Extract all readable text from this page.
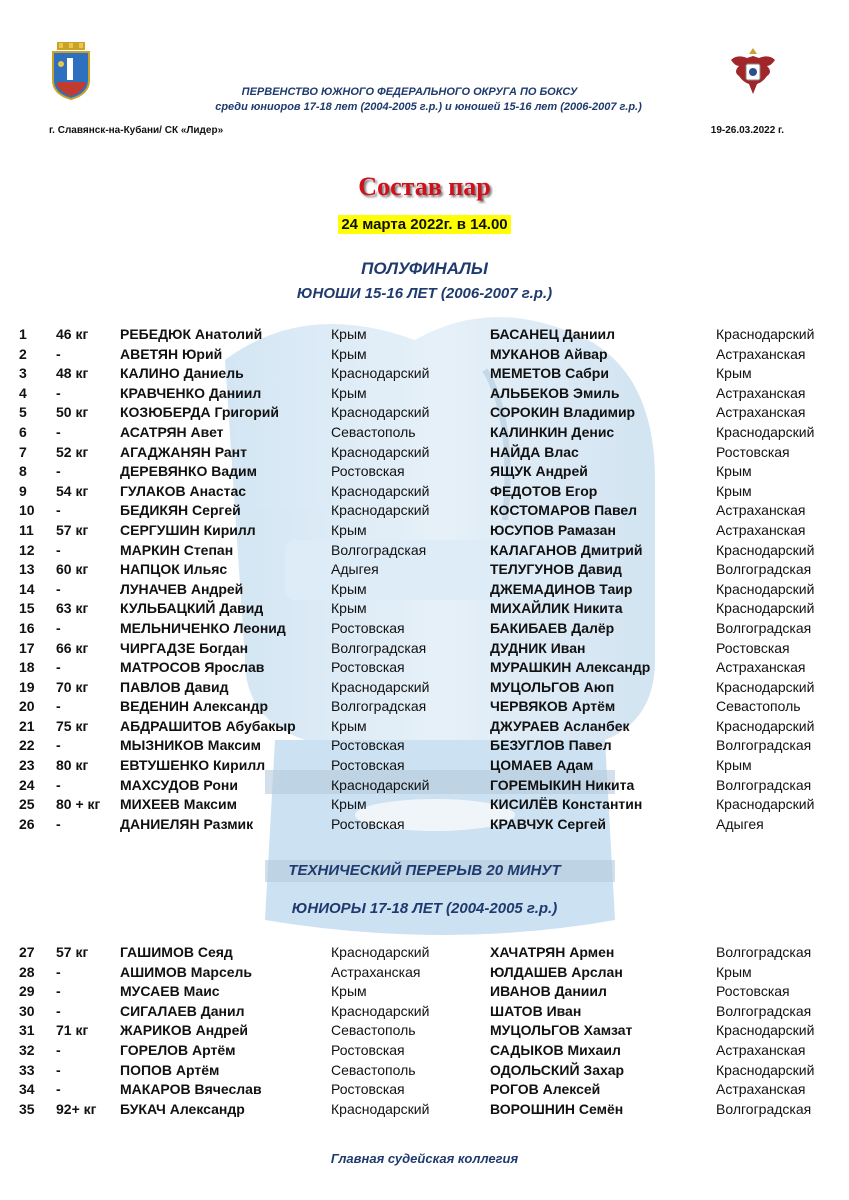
ПЕРВЕНСТВО ЮЖНОГО ФЕДЕРАЛЬНОГО ОКРУГА ПО БОКСУ
среди юниоров 17-18 лет (2004-2005 г.р.) и юношей 15-16 лет (2006-2007 г.р.)
г. Славянск-на-Кубани/ СК «Лидер»	19-26.03.2022 г.
Состав пар
24 марта 2022г. в 14.00
ПОЛУФИНАЛЫ
ЮНОШИ 15-16 ЛЕТ (2006-2007 г.р.)
1 46 кг РЕБЕДЮК Анатолий	Крым	БАСАНЕЦ Даниил	Краснодарский
2 -	АВЕТЯН Юрий	Крым	МУКАНОВ Айвар	Астраханская
3 48 кг КАЛИНО Даниель	Краснодарский	МЕМЕТОВ Сабри	Крым
4 -	КРАВЧЕНКО Даниил	Крым	АЛЬБЕКОВ Эмиль	Астраханская
5 50 кг КОЗЮБЕРДА Григорий	Краснодарский	СОРОКИН Владимир	Астраханская
6 -	АСАТРЯН Авет	Севастополь	КАЛИНКИН Денис	Краснодарский
7 52 кг АГАДЖАНЯН Рант	Краснодарский	НАЙДА Влас	Ростовская
8 -	ДЕРЕВЯНКО Вадим	Ростовская	ЯЩУК Андрей	Крым
9 54 кг ГУЛАКОВ Анастас	Краснодарский	ФЕДОТОВ Егор	Крым
10 -	БЕДИКЯН Сергей	Краснодарский	КОСТОМАРОВ Павел	Астраханская
11 57 кг СЕРГУШИН Кирилл	Крым	ЮСУПОВ Рамазан	Астраханская
12 -	МАРКИН Степан	Волгоградская	КАЛАГАНОВ Дмитрий	Краснодарский
13 60 кг НАПЦОК Ильяс	Адыгея	ТЕЛУГУНОВ Давид	Волгоградская
14 -	ЛУНАЧЕВ Андрей	Крым	ДЖЕМАДИНОВ Таир	Краснодарский
15 63 кг КУЛЬБАЦКИЙ Давид	Крым	МИХАЙЛИК Никита	Краснодарский
16 -	МЕЛЬНИЧЕНКО Леонид	Ростовская	БАКИБАЕВ Далёр	Волгоградская
17 66 кг ЧИРГАДЗЕ Богдан	Волгоградская	ДУДНИК Иван	Ростовская
18 -	МАТРОСОВ Ярослав	Ростовская	МУРАШКИН Александр	Астраханская
19 70 кг ПАВЛОВ Давид	Краснодарский	МУЦОЛЬГОВ Аюп	Краснодарский
20 -	ВЕДЕНИН Александр	Волгоградская	ЧЕРВЯКОВ Артём	Севастополь
21 75 кг АБДРАШИТОВ Абубакыр	Крым	ДЖУРАЕВ Асланбек	Краснодарский
22 -	МЫЗНИКОВ Максим	Ростовская	БЕЗУГЛОВ Павел	Волгоградская
23 80 кг ЕВТУШЕНКО Кирилл	Ростовская	ЦОМАЕВ Адам	Крым
24 -	МАХСУДОВ Рони	Краснодарский	ГОРЕМЫКИН Никита	Волгоградская
25 80 + кг МИХЕЕВ Максим	Крым	КИСИЛЁВ Константин	Краснодарский
26 -	ДАНИЕЛЯН Размик	Ростовская	КРАВЧУК Сергей	Адыгея
ТЕХНИЧЕСКИЙ ПЕРЕРЫВ 20 МИНУТ
ЮНИОРЫ 17-18 ЛЕТ (2004-2005 г.р.)
27 57 кг ГАШИМОВ Сеяд	Краснодарский	ХАЧАТРЯН Армен	Волгоградская
28 -	АШИМОВ Марсель	Астраханская	ЮЛДАШЕВ Арслан	Крым
29 -	МУСАЕВ Маис	Крым	ИВАНОВ Даниил	Ростовская
30 -	СИГАЛАЕВ Данил	Краснодарский	ШАТОВ Иван	Волгоградская
31 71 кг ЖАРИКОВ Андрей	Севастополь	МУЦОЛЬГОВ Хамзат	Краснодарский
32 -	ГОРЕЛОВ Артём	Ростовская	САДЫКОВ Михаил	Астраханская
33 -	ПОПОВ Артём	Севастополь	ОДОЛЬСКИЙ Захар	Краснодарский
34 -	МАКАРОВ Вячеслав	Ростовская	РОГОВ Алексей	Астраханская
35 92+ кг БУКАЧ Александр	Краснодарский	ВОРОШНИН Семён	Волгоградская
Главная судейская коллегия
